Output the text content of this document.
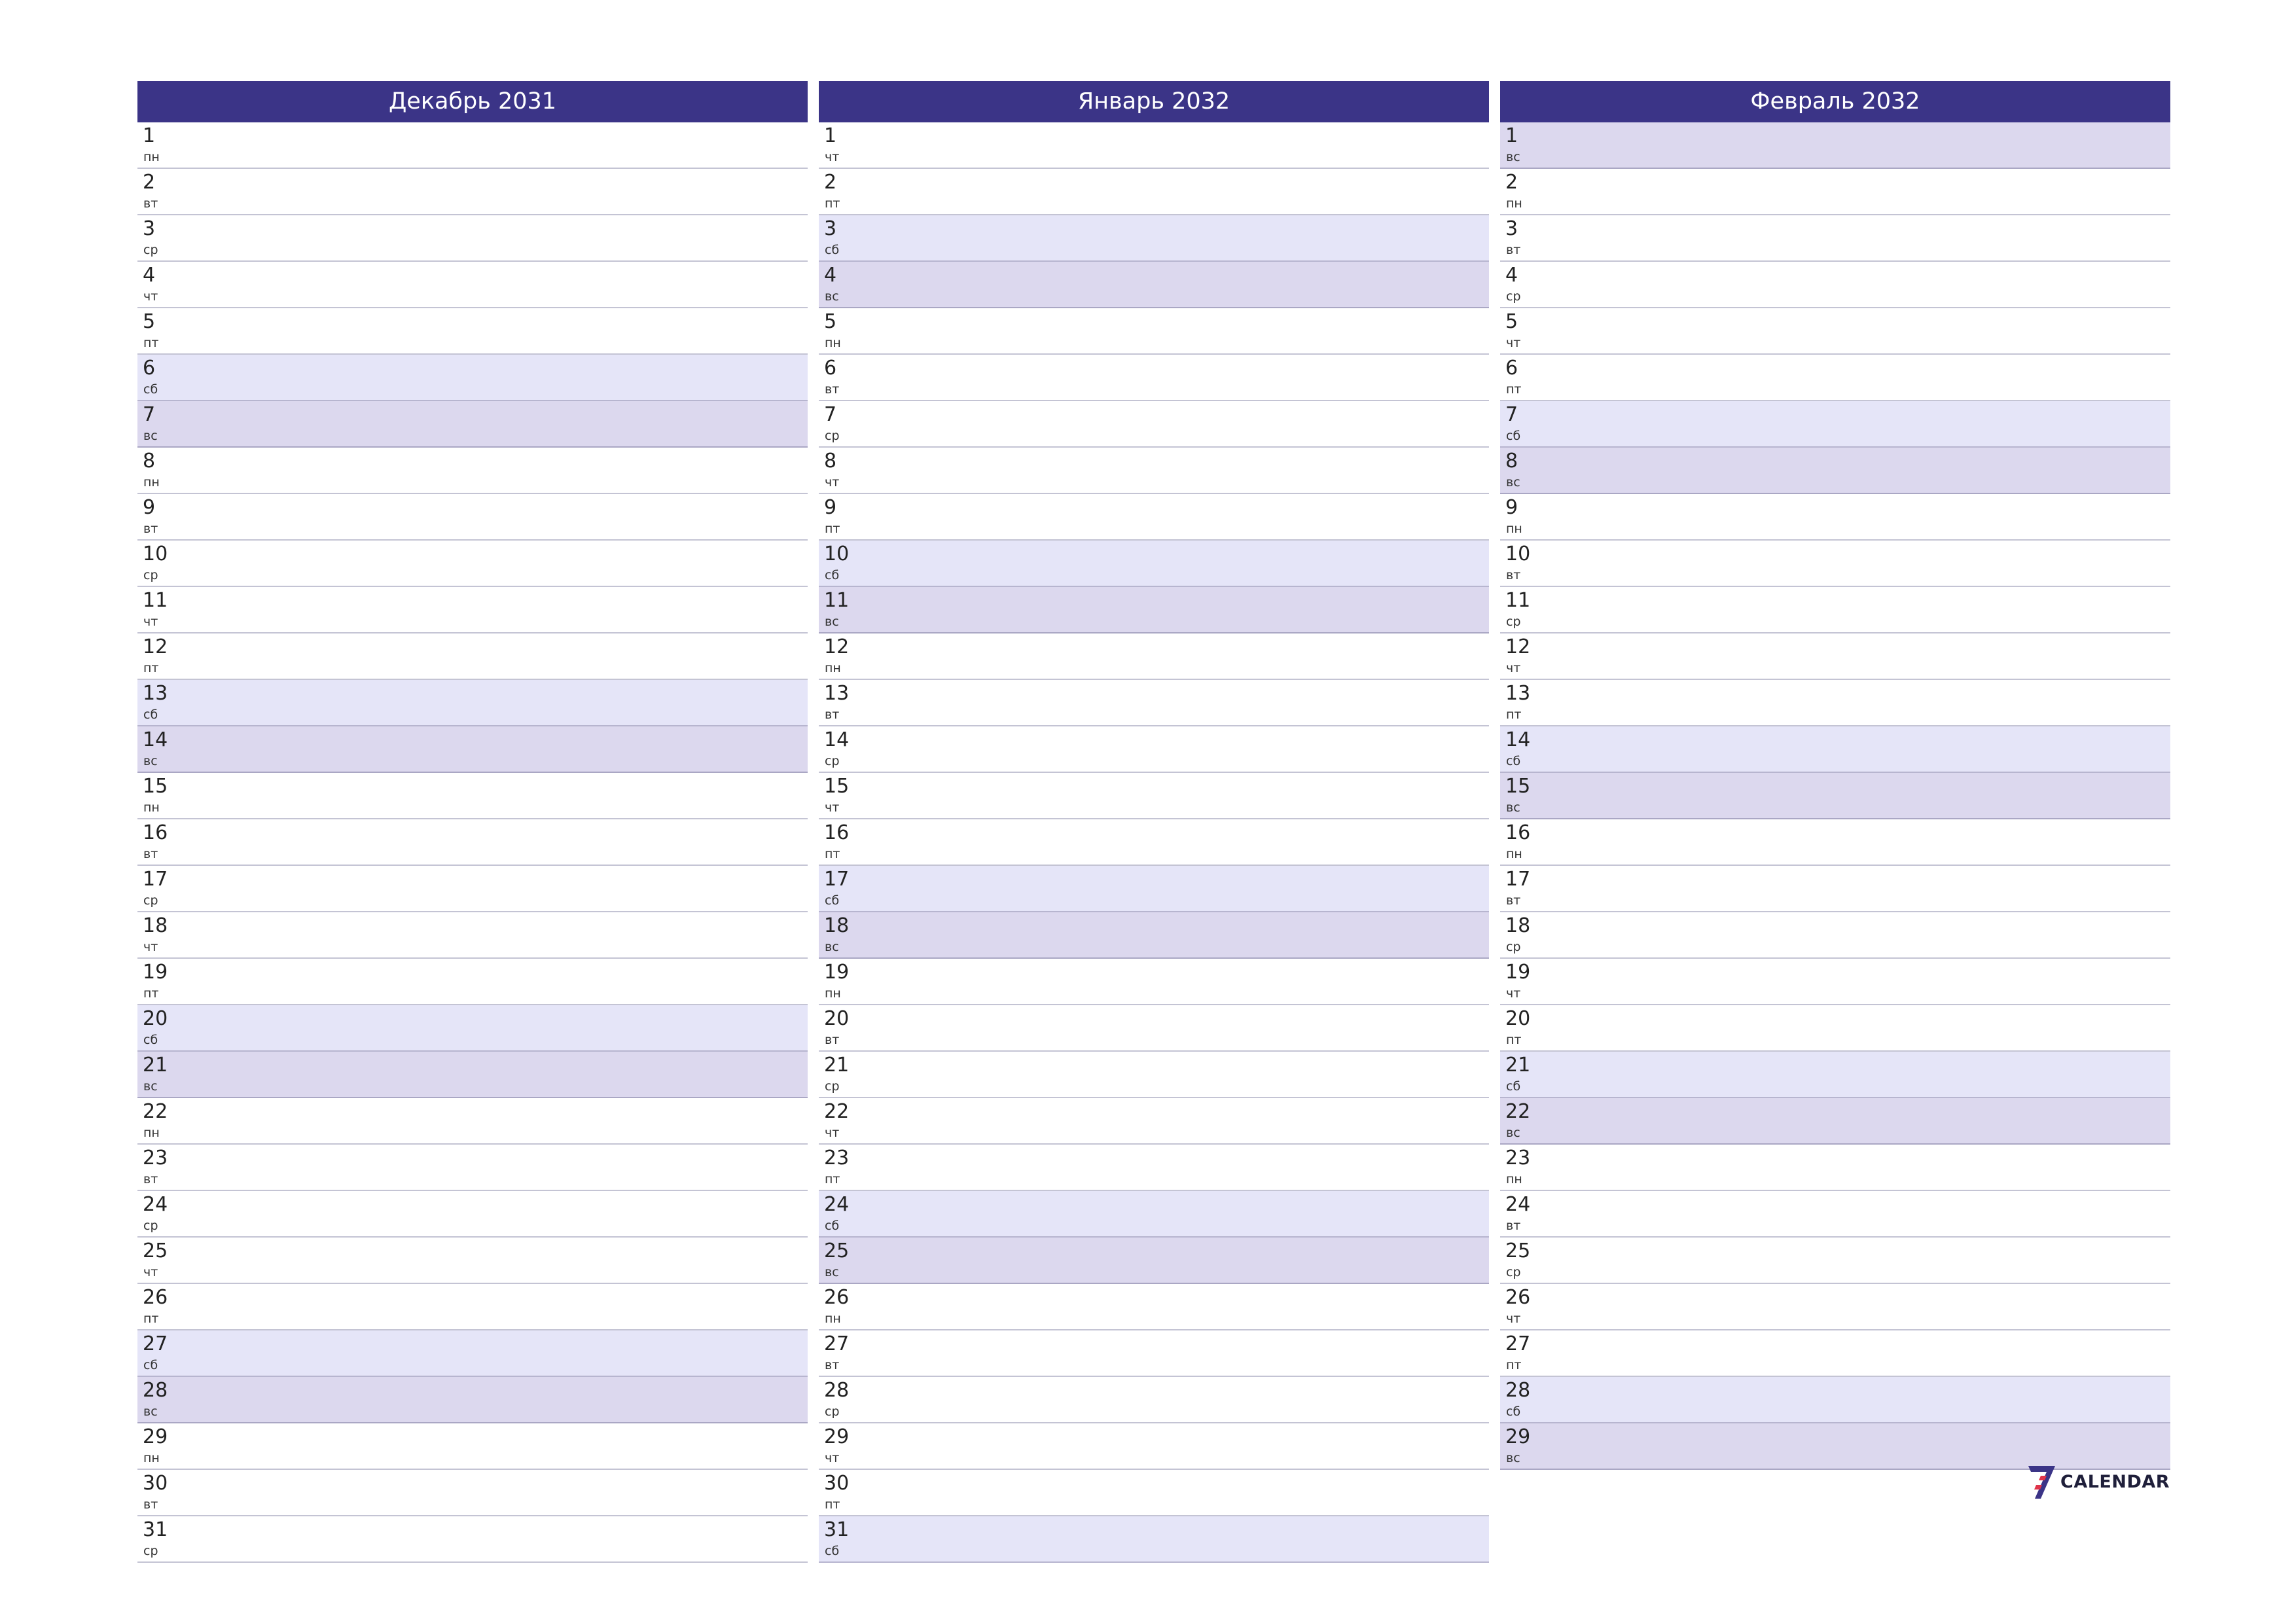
Декабрь 2031
1
пн
2
вт
3
ср
4
чт
5
пт
6
сб
7
вс
8
пн
9
вт
10
ср
11
чт
12
пт
13
сб
14
вс
15
пн
16
вт
17
ср
18
чт
19
пт
20
сб
21
вс
22
пн
23
вт
24
ср
25
чт
26
пт
27
сб
28
вс
29
пн
30
вт
31
ср
Январь 2032
1
чт
2
пт
3
сб
4
вс
5
пн
6
вт
7
ср
8
чт
9
пт
10
сб
11
вс
12
пн
13
вт
14
ср
15
чт
16
пт
17
сб
18
вс
19
пн
20
вт
21
ср
22
чт
23
пт
24
сб
25
вс
26
пн
27
вт
28
ср
29
чт
30
пт
31
сб
Февраль 2032
1
вс
2
пн
3
вт
4
ср
5
чт
6
пт
7
сб
8
вс
9
пн
10
вт
11
ср
12
чт
13
пт
14
сб
15
вс
16
пн
17
вт
18
ср
19
чт
20
пт
21
сб
22
вс
23
пн
24
вт
25
ср
26
чт
27
пт
28
сб
29
вс
CALENDAR
